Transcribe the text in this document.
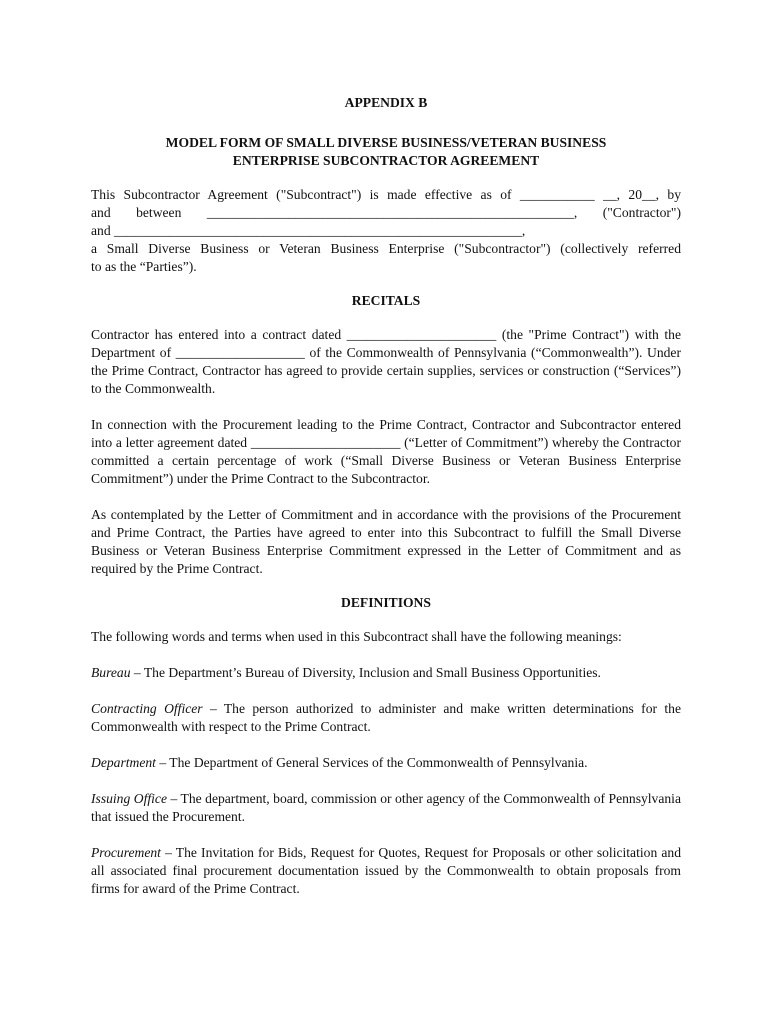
APPENDIX B
MODEL FORM OF SMALL DIVERSE BUSINESS/VETERAN BUSINESS
ENTERPRISE SUBCONTRACTOR AGREEMENT
This Subcontractor Agreement ("Subcontract") is made effective as of ___________ __, 20__, by
and between ______________________________________________________, ("Contractor")
and ____________________________________________________________,
a Small Diverse Business or Veteran Business Enterprise ("Subcontractor") (collectively referred
to as the “Parties”).
RECITALS

Contractor has entered into a contract dated ______________________ (the "Prime Contract") with the Department of ___________________ of the Commonwealth of Pennsylvania (“Commonwealth”). Under the Prime Contract, Contractor has agreed to provide certain supplies, services or construction (“Services”) to the Commonwealth.

In connection with the Procurement leading to the Prime Contract, Contractor and Subcontractor entered into a letter agreement dated ______________________ (“Letter of Commitment”) whereby the Contractor committed a certain percentage of work (“Small Diverse Business or Veteran Business Enterprise Commitment”) under the Prime Contract to the Subcontractor.

As contemplated by the Letter of Commitment and in accordance with the provisions of the Procurement and Prime Contract, the Parties have agreed to enter into this Subcontract to fulfill the Small Diverse Business or Veteran Business Enterprise Commitment expressed in the Letter of Commitment and as required by the Prime Contract.

DEFINITIONS

The following words and terms when used in this Subcontract shall have the following meanings:

Bureau – The Department’s Bureau of Diversity, Inclusion and Small Business Opportunities.

Contracting Officer – The person authorized to administer and make written determinations for the Commonwealth with respect to the Prime Contract.

Department – The Department of General Services of the Commonwealth of Pennsylvania.

Issuing Office – The department, board, commission or other agency of the Commonwealth of Pennsylvania that issued the Procurement.

Procurement – The Invitation for Bids, Request for Quotes, Request for Proposals or other solicitation and all associated final procurement documentation issued by the Commonwealth to obtain proposals from firms for award of the Prime Contract.
